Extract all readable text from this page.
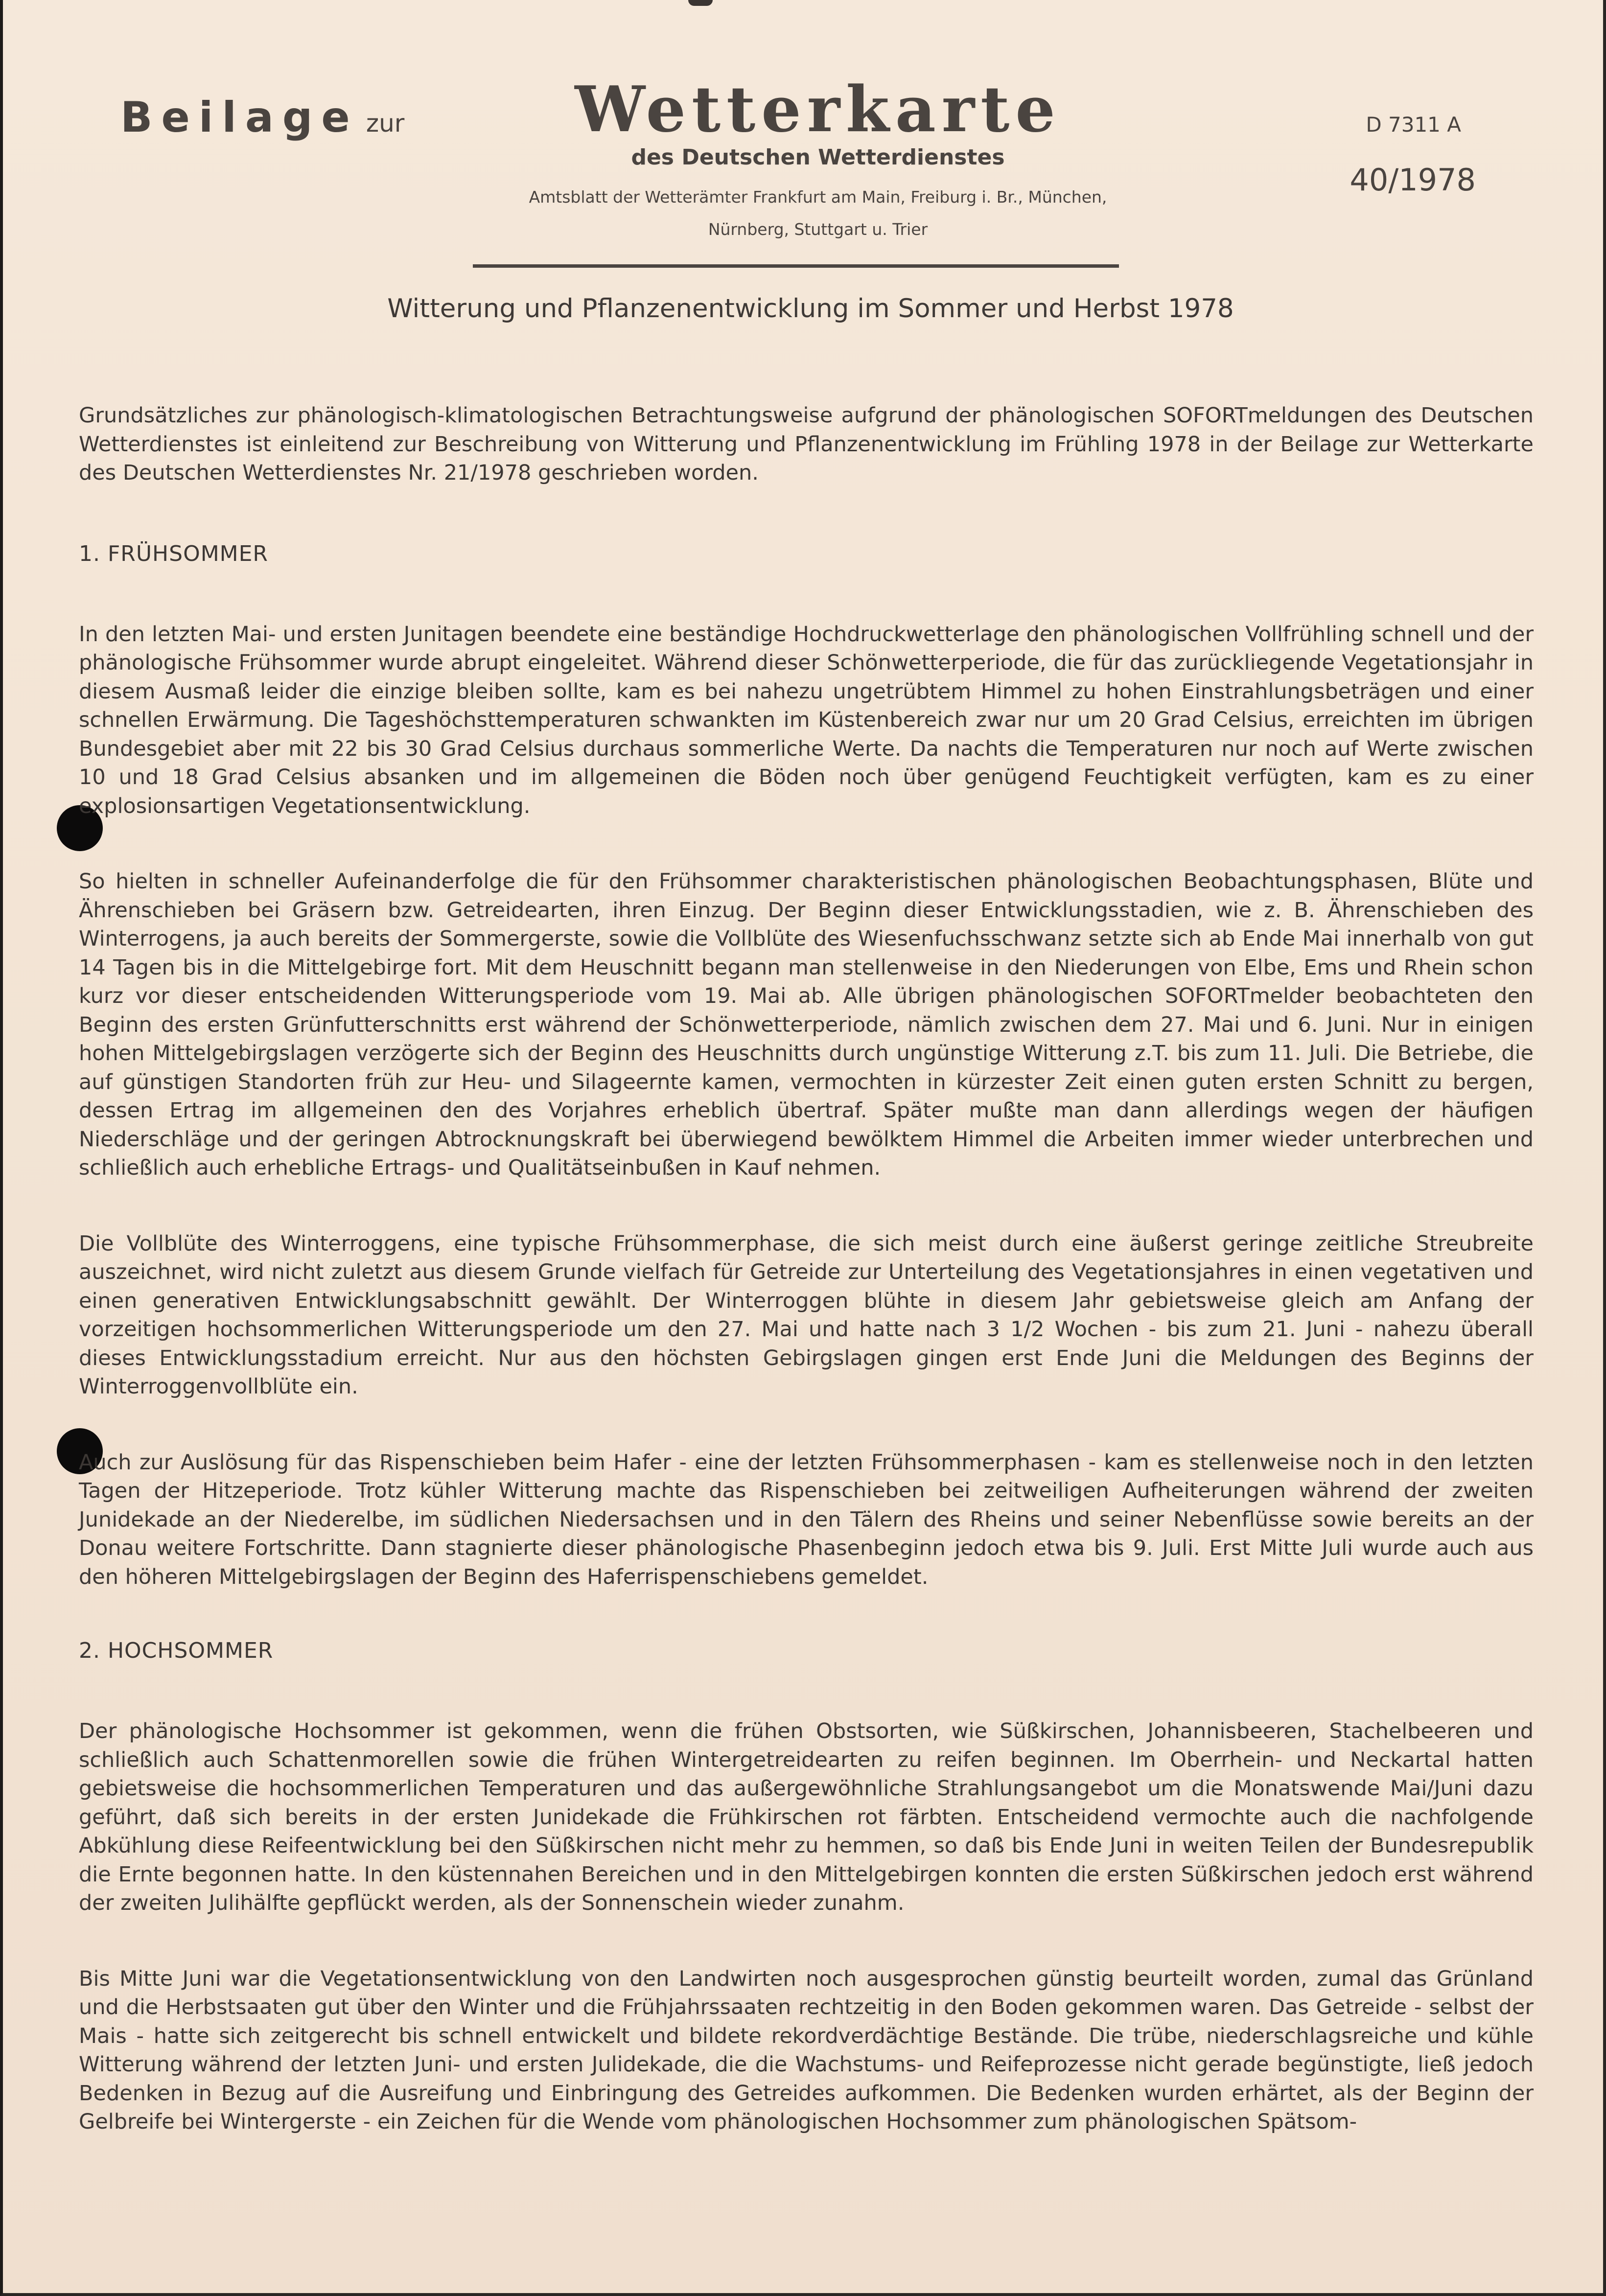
Beilage zur	Wetterkarte
des Deutschen Wetterdienstes
Amtsblatt der Wetterämter Frankfurt am Main, Freiburg i. Br., München,
Nürnberg, Stuttgart u. Trier
D 7311 A
40/1978
Witterung und Pflanzenentwicklung im Sommer und Herbst 1978

Grundsätzliches zur phänologisch-klimatologischen Betrachtungsweise aufgrund der phänologischen SOFORTmeldungen des Deutschen Wetterdienstes ist einleitend zur Beschreibung von Witterung und Pflanzenentwicklung im Frühling 1978 in der Beilage zur Wetterkarte des Deutschen Wetterdienstes Nr. 21/1978 geschrieben worden.

1. FRÜHSOMMER

In den letzten Mai- und ersten Junitagen beendete eine beständige Hochdruckwetterlage den phänologischen Vollfrühling schnell und der phänologische Frühsommer wurde abrupt eingeleitet. Während dieser Schönwetterperiode, die für das zurückliegende Vegetationsjahr in diesem Ausmaß leider die einzige bleiben sollte, kam es bei nahezu ungetrübtem Himmel zu hohen Einstrahlungsbeträgen und einer schnellen Erwärmung. Die Tageshöchsttemperaturen schwankten im Küstenbereich zwar nur um 20 Grad Celsius, erreichten im übrigen Bundesgebiet aber mit 22 bis 30 Grad Celsius durchaus sommerliche Werte. Da nachts die Temperaturen nur noch auf Werte zwischen 10 und 18 Grad Celsius absanken und im allgemeinen die Böden noch über genügend Feuchtigkeit verfügten, kam es zu einer explosionsartigen Vegetationsentwicklung.

So hielten in schneller Aufeinanderfolge die für den Frühsommer charakteristischen phänologischen Beobachtungsphasen, Blüte und Ährenschieben bei Gräsern bzw. Getreidearten, ihren Einzug. Der Beginn dieser Entwicklungsstadien, wie z. B. Ährenschieben des Winterrogens, ja auch bereits der Sommergerste, sowie die Vollblüte des Wiesenfuchsschwanz setzte sich ab Ende Mai innerhalb von gut 14 Tagen bis in die Mittelgebirge fort. Mit dem Heuschnitt begann man stellenweise in den Niederungen von Elbe, Ems und Rhein schon kurz vor dieser entscheidenden Witterungsperiode vom 19. Mai ab. Alle übrigen phänologischen SOFORTmelder beobachteten den Beginn des ersten Grünfutterschnitts erst während der Schönwetterperiode, nämlich zwischen dem 27. Mai und 6. Juni. Nur in einigen hohen Mittelgebirgslagen verzögerte sich der Beginn des Heuschnitts durch ungünstige Witterung z.T. bis zum 11. Juli. Die Betriebe, die auf günstigen Standorten früh zur Heu- und Silageernte kamen, vermochten in kürzester Zeit einen guten ersten Schnitt zu bergen, dessen Ertrag im allgemeinen den des Vorjahres erheblich übertraf. Später mußte man dann allerdings wegen der häufigen Niederschläge und der geringen Abtrocknungskraft bei überwiegend bewölktem Himmel die Arbeiten immer wieder unterbrechen und schließlich auch erhebliche Ertrags- und Qualitätseinbußen in Kauf nehmen.

Die Vollblüte des Winterroggens, eine typische Frühsommerphase, die sich meist durch eine äußerst geringe zeitliche Streubreite auszeichnet, wird nicht zuletzt aus diesem Grunde vielfach für Getreide zur Unterteilung des Vegetationsjahres in einen vegetativen und einen generativen Entwicklungsabschnitt gewählt. Der Winterroggen blühte in diesem Jahr gebietsweise gleich am Anfang der vorzeitigen hochsommerlichen Witterungsperiode um den 27. Mai und hatte nach 3 1/2 Wochen - bis zum 21. Juni - nahezu überall dieses Entwicklungsstadium erreicht. Nur aus den höchsten Gebirgslagen gingen erst Ende Juni die Meldungen des Beginns der Winterroggenvollblüte ein.

Auch zur Auslösung für das Rispenschieben beim Hafer - eine der letzten Frühsommerphasen - kam es stellenweise noch in den letzten Tagen der Hitzeperiode. Trotz kühler Witterung machte das Rispenschieben bei zeitweiligen Aufheiterungen während der zweiten Junidekade an der Niederelbe, im südlichen Niedersachsen und in den Tälern des Rheins und seiner Nebenflüsse sowie bereits an der Donau weitere Fortschritte. Dann stagnierte dieser phänologische Phasenbeginn jedoch etwa bis 9. Juli. Erst Mitte Juli wurde auch aus den höheren Mittelgebirgslagen der Beginn des Haferrispenschiebens gemeldet.

2. HOCHSOMMER

Der phänologische Hochsommer ist gekommen, wenn die frühen Obstsorten, wie Süßkirschen, Johannisbeeren, Stachelbeeren und schließlich auch Schattenmorellen sowie die frühen Wintergetreidearten zu reifen beginnen. Im Oberrhein- und Neckartal hatten gebietsweise die hochsommerlichen Temperaturen und das außergewöhnliche Strahlungsangebot um die Monatswende Mai/Juni dazu geführt, daß sich bereits in der ersten Junidekade die Frühkirschen rot färbten. Entscheidend vermochte auch die nachfolgende Abkühlung diese Reifeentwicklung bei den Süßkirschen nicht mehr zu hemmen, so daß bis Ende Juni in weiten Teilen der Bundesrepublik die Ernte begonnen hatte. In den küstennahen Bereichen und in den Mittelgebirgen konnten die ersten Süßkirschen jedoch erst während der zweiten Julihälfte gepflückt werden, als der Sonnenschein wieder zunahm.

Bis Mitte Juni war die Vegetationsentwicklung von den Landwirten noch ausgesprochen günstig beurteilt worden, zumal das Grünland und die Herbstsaaten gut über den Winter und die Frühjahrssaaten rechtzeitig in den Boden gekommen waren. Das Getreide - selbst der Mais - hatte sich zeitgerecht bis schnell entwickelt und bildete rekordverdächtige Bestände. Die trübe, niederschlagsreiche und kühle Witterung während der letzten Juni- und ersten Julidekade, die die Wachstums- und Reifeprozesse nicht gerade begünstigte, ließ jedoch Bedenken in Bezug auf die Ausreifung und Einbringung des Getreides aufkommen. Die Bedenken wurden erhärtet, als der Beginn der Gelbreife bei Wintergerste - ein Zeichen für die Wende vom phänologischen Hochsommer zum phänologischen Spätsom-
